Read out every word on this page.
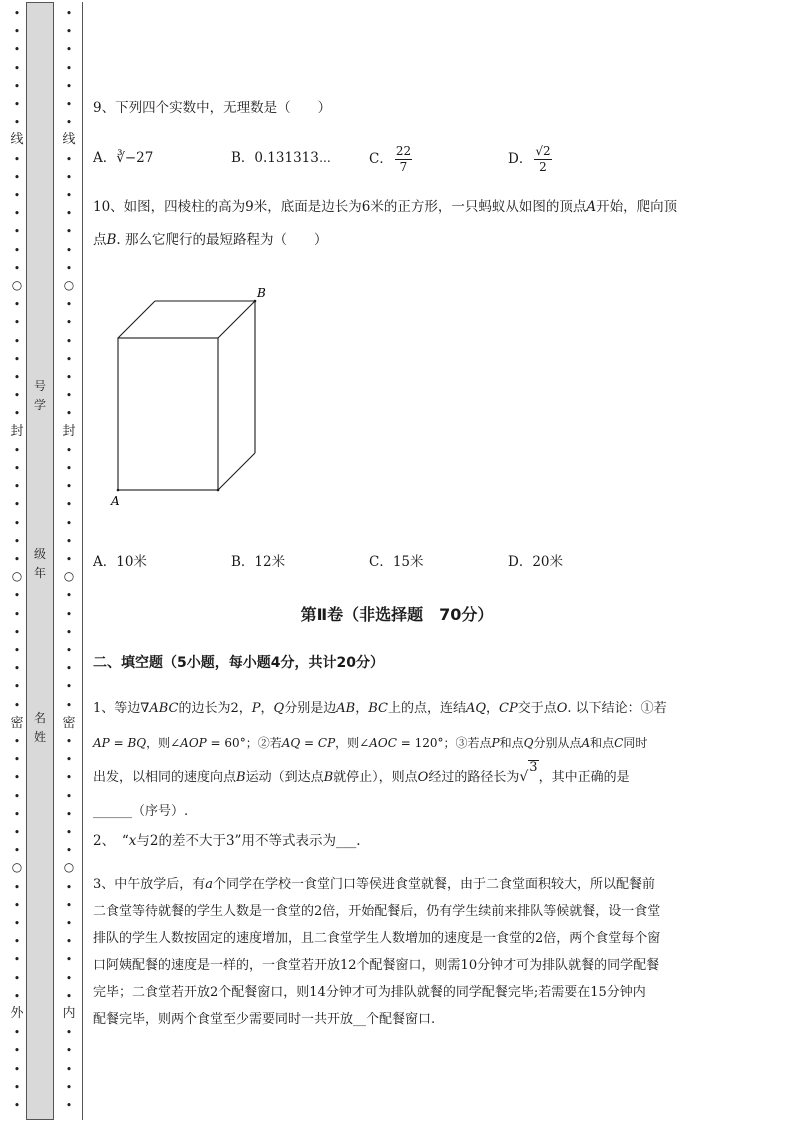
线
封
密
外
○
○
○
•
•
•
•
•
•
•
•
•
•
•
•
•
•
•
•
•
•
•
•
•
•
•
•
•
•
•
•
•
•
•
•
•
•
•
•
•
•
•
•
•
•
•
•
•
•
•
•
•
•
•
•
•
•
号
学
级
年
名
姓
线
封
密
内
○
○
○
•
•
•
•
•
•
•
•
•
•
•
•
•
•
•
•
•
•
•
•
•
•
•
•
•
•
•
•
•
•
•
•
•
•
•
•
•
•
•
•
•
•
•
•
•
•
•
•
•
•
•
•
•
•
9、下列四个实数中，无理数是（　　）
A．∛−27	B．0.131313⋯	C． $\frac{22}{7}$	D． $\frac{√2}{2}$
10、如图，四棱柱的高为9米，底面是边长为6米的正方形，一只蚂蚁从如图的顶点A开始，爬向顶
点B. 那么它爬行的最短路程为（　　）
B
A
A．10米	B．12米	C．15米	D．20米
第Ⅱ卷（非选择题　70分）
二、填空题（5小题，每小题4分，共计20分）
1、等边∇ABC的边长为2，P，Q分别是边AB，BC上的点，连结AQ，CP交于点O. 以下结论：①若
AP = BQ，则∠AOP = 60°；②若AQ = CP，则∠AOC = 120°；③若点P和点Q分别从点A和点C同时
出发，以相同的速度向点B运动（到达点B就停止），则点O经过的路径长为 √
3
，其中正确的是
______（序号）.
2、　“x与2的差不大于3”用不等式表示为___.
3、中午放学后，有a个同学在学校一食堂门口等侯进食堂就餐，由于二食堂面积较大，所以配餐前
二食堂等待就餐的学生人数是一食堂的2倍，开始配餐后，仍有学生续前来排队等候就餐，设一食堂
排队的学生人数按固定的速度增加，且二食堂学生人数增加的速度是一食堂的2倍，两个食堂每个窗
口阿姨配餐的速度是一样的，一食堂若开放12个配餐窗口，则需10分钟才可为排队就餐的同学配餐
完毕；二食堂若开放2个配餐窗口，则14分钟才可为排队就餐的同学配餐完毕;若需要在15分钟内
配餐完毕，则两个食堂至少需要同时一共开放__个配餐窗口.
